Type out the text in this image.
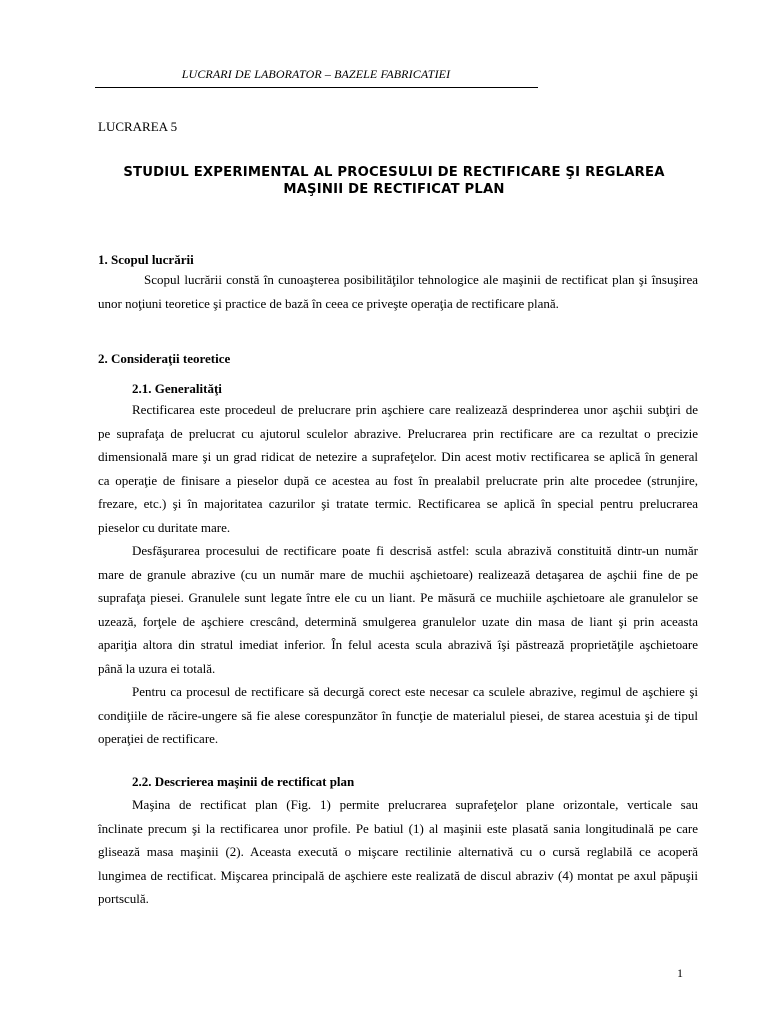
LUCRARI DE LABORATOR – BAZELE FABRICATIEI
LUCRAREA 5
STUDIUL EXPERIMENTAL AL PROCESULUI DE RECTIFICARE ŞI REGLAREA
MAŞINII DE RECTIFICAT PLAN
1. Scopul lucrării
Scopul lucrării constă în cunoaşterea posibilităţilor tehnologice ale maşinii de rectificat plan şi însuşirea
unor noţiuni teoretice şi practice de bază în ceea ce priveşte operaţia de rectificare plană.
2. Consideraţii teoretice
2.1. Generalităţi
Rectificarea este procedeul de prelucrare prin aşchiere care realizează desprinderea unor aşchii subţiri de
pe suprafaţa de prelucrat cu ajutorul sculelor abrazive. Prelucrarea prin rectificare are ca rezultat o precizie
dimensională mare şi un grad ridicat de netezire a suprafeţelor. Din acest motiv rectificarea se aplică în general
ca operaţie de finisare a pieselor după ce acestea au fost în prealabil prelucrate prin alte procedee (strunjire,
frezare, etc.) şi în majoritatea cazurilor şi tratate termic. Rectificarea se aplică în special pentru prelucrarea
pieselor cu duritate mare.
Desfăşurarea procesului de rectificare poate fi descrisă astfel: scula abrazivă constituită dintr-un număr
mare de granule abrazive (cu un număr mare de muchii aşchietoare) realizează detaşarea de aşchii fine de pe
suprafaţa piesei. Granulele sunt legate între ele cu un liant. Pe măsură ce muchiile aşchietoare ale granulelor se
uzează, forţele de aşchiere crescând, determină smulgerea granulelor uzate din masa de liant şi prin aceasta
apariţia altora din stratul imediat inferior. În felul acesta scula abrazivă îşi păstrează proprietăţile aşchietoare
până la uzura ei totală.
Pentru ca procesul de rectificare să decurgă corect este necesar ca sculele abrazive, regimul de aşchiere şi
condiţiile de răcire-ungere să fie alese corespunzător în funcţie de materialul piesei, de starea acestuia şi de tipul
operaţiei de rectificare.
2.2. Descrierea maşinii de rectificat plan
Maşina de rectificat plan (Fig. 1) permite prelucrarea suprafeţelor plane orizontale, verticale sau
înclinate precum şi la rectificarea unor profile. Pe batiul (1) al maşinii este plasată sania longitudinală pe care
glisează masa maşinii (2). Aceasta execută o mişcare rectilinie alternativă cu o cursă reglabilă ce acoperă
lungimea de rectificat. Mişcarea principală de aşchiere este realizată de discul abraziv (4) montat pe axul păpuşii
portsculă.
1
